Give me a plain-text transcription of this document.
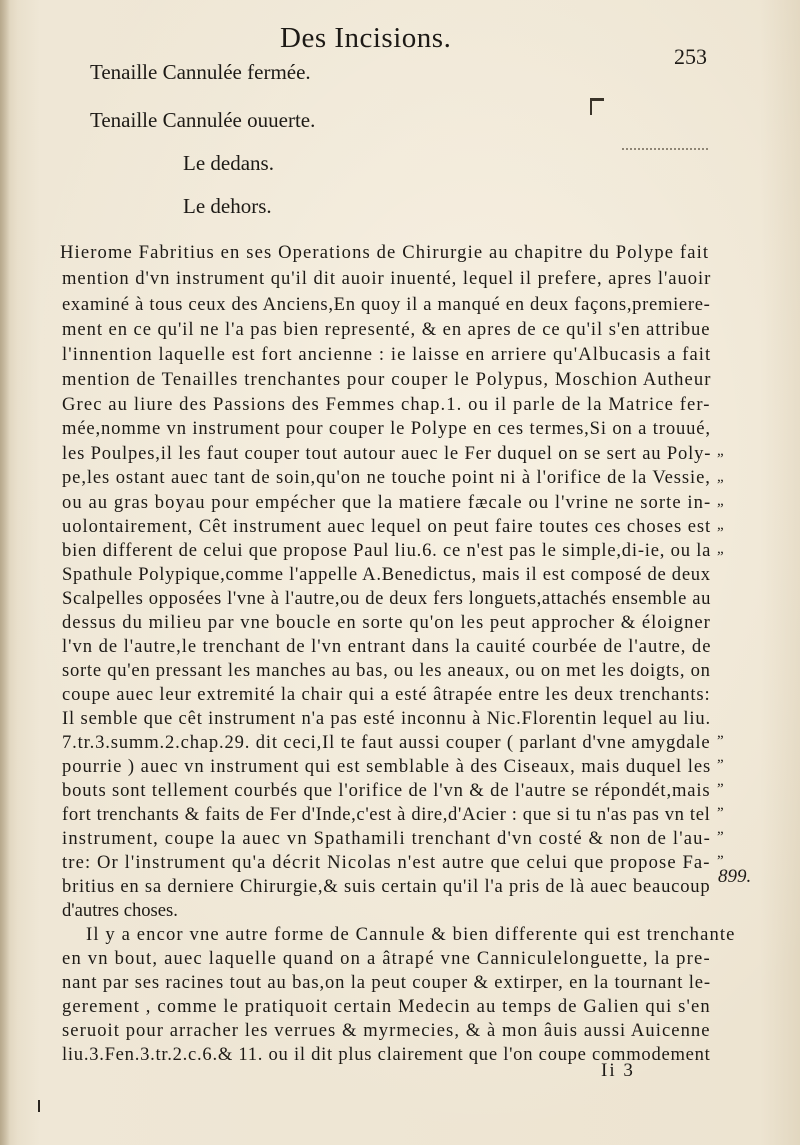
Des Incisions.
253
Tenaille Cannulée fermée.
Tenaille Cannulée ouuerte.
Le dedans.
Le dehors.
Hierome Fabritius en ses Operations de Chirurgie au chapitre du Polype fait
mention d'vn instrument qu'il dit auoir inuenté, lequel il prefere, apres l'auoir
examiné à tous ceux des Anciens,En quoy il a manqué en deux façons,premiere-
ment en ce qu'il ne l'a pas bien representé, & en apres de ce qu'il s'en attribue
l'innention laquelle est fort ancienne : ie laisse en arriere qu'Albucasis a fait
mention de Tenailles trenchantes pour couper le Polypus, Moschion Autheur
Grec au liure des Passions des Femmes chap.1. ou il parle de la Matrice fer-
mée,nomme vn instrument pour couper le Polype en ces termes,Si on a trouué,
les Poulpes,il les faut couper tout autour auec le Fer duquel on se sert au Poly-
pe,les ostant auec tant de soin,qu'on ne touche point ni à l'orifice de la Vessie,
ou au gras boyau pour empécher que la matiere fæcale ou l'vrine ne sorte in-
uolontairement, Cêt instrument auec lequel on peut faire toutes ces choses est
bien different de celui que propose Paul liu.6. ce n'est pas le simple,di-ie, ou la
Spathule Polypique,comme l'appelle A.Benedictus, mais il est composé de deux
Scalpelles opposées l'vne à l'autre,ou de deux fers longuets,attachés ensemble au
dessus du milieu par vne boucle en sorte qu'on les peut approcher & éloigner
l'vn de l'autre,le trenchant de l'vn entrant dans la cauité courbée de l'autre, de
sorte qu'en pressant les manches au bas, ou les aneaux, ou on met les doigts, on
coupe auec leur extremité la chair qui a esté âtrapée entre les deux trenchants:
Il semble que cêt instrument n'a pas esté inconnu à Nic.Florentin lequel au liu.
7.tr.3.summ.2.chap.29. dit ceci,Il te faut aussi couper ( parlant d'vne amygdale
pourrie ) auec vn instrument qui est semblable à des Ciseaux, mais duquel les
bouts sont tellement courbés que l'orifice de l'vn & de l'autre se répondét,mais
fort trenchants & faits de Fer d'Inde,c'est à dire,d'Acier : que si tu n'as pas vn tel
instrument, coupe la auec vn Spathamili trenchant d'vn costé & non de l'au-
tre: Or l'instrument qu'a décrit Nicolas n'est autre que celui que propose Fa-
britius en sa derniere Chirurgie,& suis certain qu'il l'a pris de là auec beaucoup
d'autres choses.
Il y a encor vne autre forme de Cannule & bien differente qui est trenchante
en vn bout, auec laquelle quand on a âtrapé vne Canniculelonguette, la pre-
nant par ses racines tout au bas,on la peut couper & extirper, en la tournant le-
gerement , comme le pratiquoit certain Medecin au temps de Galien qui s'en
seruoit pour arracher les verrues & myrmecies, & à mon âuis aussi Auicenne
liu.3.Fen.3.tr.2.c.6.& 11. ou il dit plus clairement que l'on coupe commodement
„
„
„
„
„
„
„
„
„
„
„
899.
Ii 3
